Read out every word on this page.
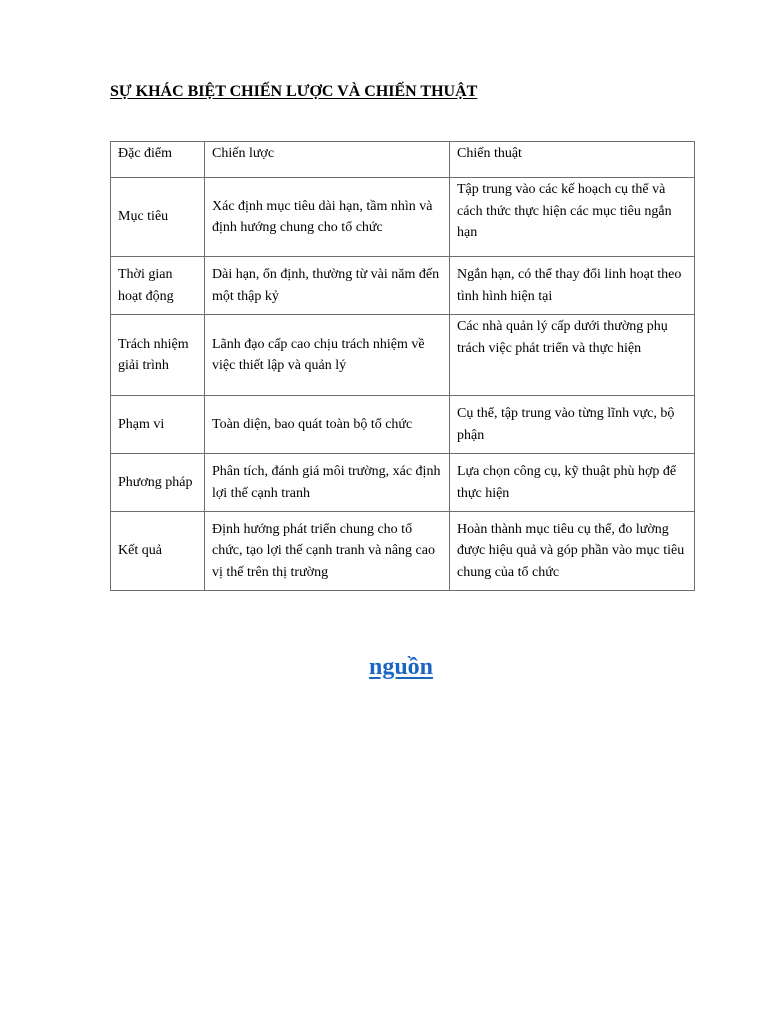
SỰ KHÁC BIỆT CHIẾN LƯỢC VÀ CHIẾN THUẬT
Đặc điểm	Chiến lược	Chiến thuật
Mục tiêu	Xác định mục tiêu dài hạn, tầm nhìn và định hướng chung cho tổ chức	Tập trung vào các kế hoạch cụ thể và cách thức thực hiện các mục tiêu ngắn hạn
Thời gian hoạt động	Dài hạn, ổn định, thường từ vài năm đến một thập kỷ	Ngắn hạn, có thể thay đổi linh hoạt theo tình hình hiện tại
Trách nhiệm giải trình	Lãnh đạo cấp cao chịu trách nhiệm về việc thiết lập và quản lý	Các nhà quản lý cấp dưới thường phụ trách việc phát triển và thực hiện
Phạm vi	Toàn diện, bao quát toàn bộ tổ chức	Cụ thể, tập trung vào từng lĩnh vực, bộ phận
Phương pháp	Phân tích, đánh giá môi trường, xác định lợi thế cạnh tranh	Lựa chọn công cụ, kỹ thuật phù hợp để thực hiện
Kết quả	Định hướng phát triển chung cho tổ chức, tạo lợi thế cạnh tranh và nâng cao vị thế trên thị trường	Hoàn thành mục tiêu cụ thể, đo lường được hiệu quả và góp phần vào mục tiêu chung của tổ chức
nguồn
